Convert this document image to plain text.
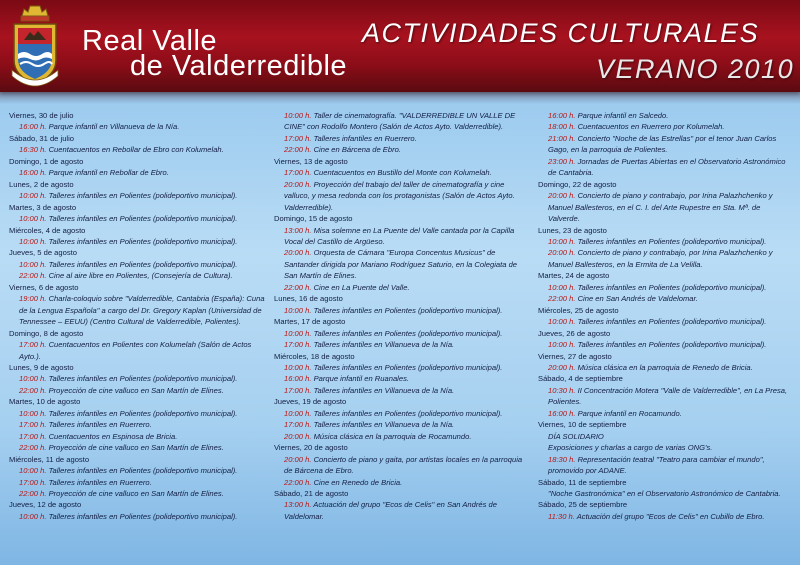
Real Valle
de Valderredible
ACTIVIDADES CULTURALES
VERANO 2010
Viernes, 30 de julio
16:00 h. Parque infantil en Villanueva de la Nía.
Sábado, 31 de julio
16:30 h. Cuentacuentos en Rebollar de Ebro con Kolumelah.
Domingo, 1 de agosto
16:00 h. Parque infantil en Rebollar de Ebro.
Lunes, 2 de agosto
10:00 h. Talleres infantiles en Polientes (polideportivo municipal).
Martes, 3 de agosto
10:00 h. Talleres infantiles en Polientes (polideportivo municipal).
Miércoles, 4 de agosto
10:00 h. Talleres infantiles en Polientes (polideportivo municipal).
Jueves, 5 de agosto
10:00 h. Talleres infantiles en Polientes (polideportivo municipal).
22:00 h. Cine al aire libre en Polientes, (Consejería de Cultura).
Viernes, 6 de agosto
19:00 h. Charla-coloquio sobre "Valderredible, Cantabria (España): Cuna de la Lengua Española" a cargo del Dr. Gregory Kaplan (Universidad de Tennessee – EEUU) (Centro Cultural de Valderredible, Polientes).
Domingo, 8 de agosto
17:00 h. Cuentacuentos en Polientes con Kolumelah (Salón de Actos Ayto.).
Lunes, 9 de agosto
10:00 h. Talleres infantiles en Polientes (polideportivo municipal).
22:00 h. Proyección de cine valluco en San Martín de Elines.
Martes, 10 de agosto
10:00 h. Talleres infantiles en Polientes (polideportivo municipal).
17:00 h. Talleres infantiles en Ruerrero.
17:00 h. Cuentacuentos en Espinosa de Bricia.
22:00 h. Proyección de cine valluco en San Martín de Elines.
Miércoles, 11 de agosto
10:00 h. Talleres infantiles en Polientes (polideportivo municipal).
17:00 h. Talleres infantiles en Ruerrero.
22:00 h. Proyección de cine valluco en San Martín de Elines.
Jueves, 12 de agosto
10:00 h. Talleres infantiles en Polientes (polideportivo municipal).
10:00 h. Taller de cinematografía. "VALDERREDIBLE UN VALLE DE CINE" con Rodolfo Montero (Salón de Actos Ayto. Valderredible).
17:00 h. Talleres infantiles en Ruerrero.
22:00 h. Cine en Bárcena de Ebro.
Viernes, 13 de agosto
17:00 h. Cuentacuentos en Bustillo del Monte con Kolumelah.
20:00 h. Proyección del trabajo del taller de cinematografía y cine valluco, y mesa redonda con los protagonistas (Salón de Actos Ayto. Valderredible).
Domingo, 15 de agosto
13:00 h. Misa solemne en La Puente del Valle cantada por la Capilla Vocal del Castillo de Argüeso.
20:00 h. Orquesta de Cámara "Europa Concentus Musicus" de Santander dirigida por Mariano Rodríguez Saturio, en la Colegiata de San Martín de Elines.
22:00 h. Cine en La Puente del Valle.
Lunes, 16 de agosto
10:00 h. Talleres infantiles en Polientes (polideportivo municipal).
Martes, 17 de agosto
10:00 h. Talleres infantiles en Polientes (polideportivo municipal).
17:00 h. Talleres infantiles en Villanueva de la Nía.
Miércoles, 18 de agosto
10:00 h. Talleres infantiles en Polientes (polideportivo municipal).
16:00 h. Parque infantil en Ruanales.
17:00 h. Talleres infantiles en Villanueva de la Nía.
Jueves, 19 de agosto
10:00 h. Talleres infantiles en Polientes (polideportivo municipal).
17:00 h. Talleres infantiles en Villanueva de la Nía.
20:00 h. Música clásica en la parroquia de Rocamundo.
Viernes, 20 de agosto
20:00 h. Concierto de piano y gaita, por artistas locales en la parroquia de Bárcena de Ebro.
22:00 h. Cine en Renedo de Bricia.
Sábado, 21 de agosto
13:00 h. Actuación del grupo "Ecos de Celis" en San Andrés de Valdelomar.
16:00 h. Parque infantil en Salcedo.
18:00 h. Cuentacuentos en Ruerrero por Kolumelah.
21:00 h. Concierto "Noche de las Estrellas" por el tenor Juan Carlos Gago, en la parroquia de Polientes.
23:00 h. Jornadas de Puertas Abiertas en el Observatorio Astronómico de Cantabria.
Domingo, 22 de agosto
20:00 h. Concierto de piano y contrabajo, por Irina Palazhchenko y Manuel Ballesteros, en el C. I. del Arte Rupestre en Sta. Mª. de Valverde.
Lunes, 23 de agosto
10:00 h. Talleres infantiles en Polientes (polideportivo municipal).
20:00 h. Concierto de piano y contrabajo, por Irina Palazhchenko y Manuel Ballesteros, en la Ermita de La Velilla.
Martes, 24 de agosto
10:00 h. Talleres infantiles en Polientes (polideportivo municipal).
22:00 h. Cine en San Andrés de Valdelomar.
Miércoles, 25 de agosto
10:00 h. Talleres infantiles en Polientes (polideportivo municipal).
Jueves, 26 de agosto
10:00 h. Talleres infantiles en Polientes (polideportivo municipal).
Viernes, 27 de agosto
20:00 h. Música clásica en la parroquia de Renedo de Bricia.
Sábado, 4 de septiembre
10:30 h. II Concentración Motera "Valle de Valderredible", en La Presa, Polientes.
16:00 h. Parque infantil en Rocamundo.
Viernes, 10 de septiembre
DÍA SOLIDARIO
Exposiciones y charlas a cargo de varias ONG's.
18:30 h. Representación teatral "Teatro para cambiar el mundo", promovido por ADANE.
Sábado, 11 de septiembre
"Noche Gastronómica" en el Observatorio Astronómico de Cantabria.
Sábado, 25 de septiembre
11:30 h. Actuación del grupo "Ecos de Celis" en Cubillo de Ebro.
